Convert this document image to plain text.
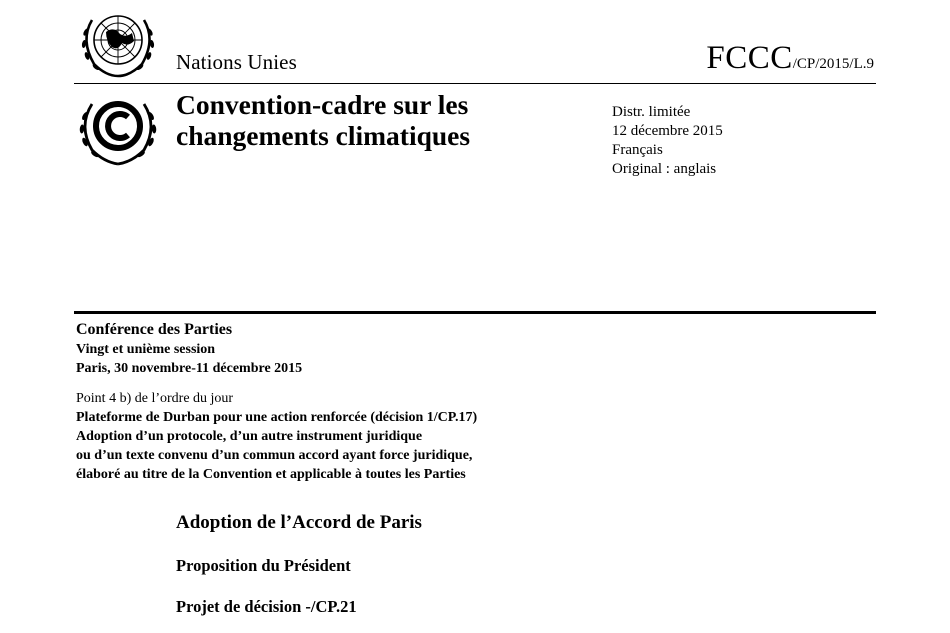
Nations Unies	FCCC/CP/2015/L.9
Convention-cadre sur les
changements climatiques
Distr. limitée
12 décembre 2015
Français
Original : anglais
Conférence des Parties
Vingt et unième session
Paris, 30 novembre-11 décembre 2015
Point 4 b) de l’ordre du jour
Plateforme de Durban pour une action renforcée (décision 1/CP.17)
Adoption d’un protocole, d’un autre instrument juridique
ou d’un texte convenu d’un commun accord ayant force juridique,
élaboré au titre de la Convention et applicable à toutes les Parties
Adoption de l’Accord de Paris
Proposition du Président
Projet de décision -/CP.21
